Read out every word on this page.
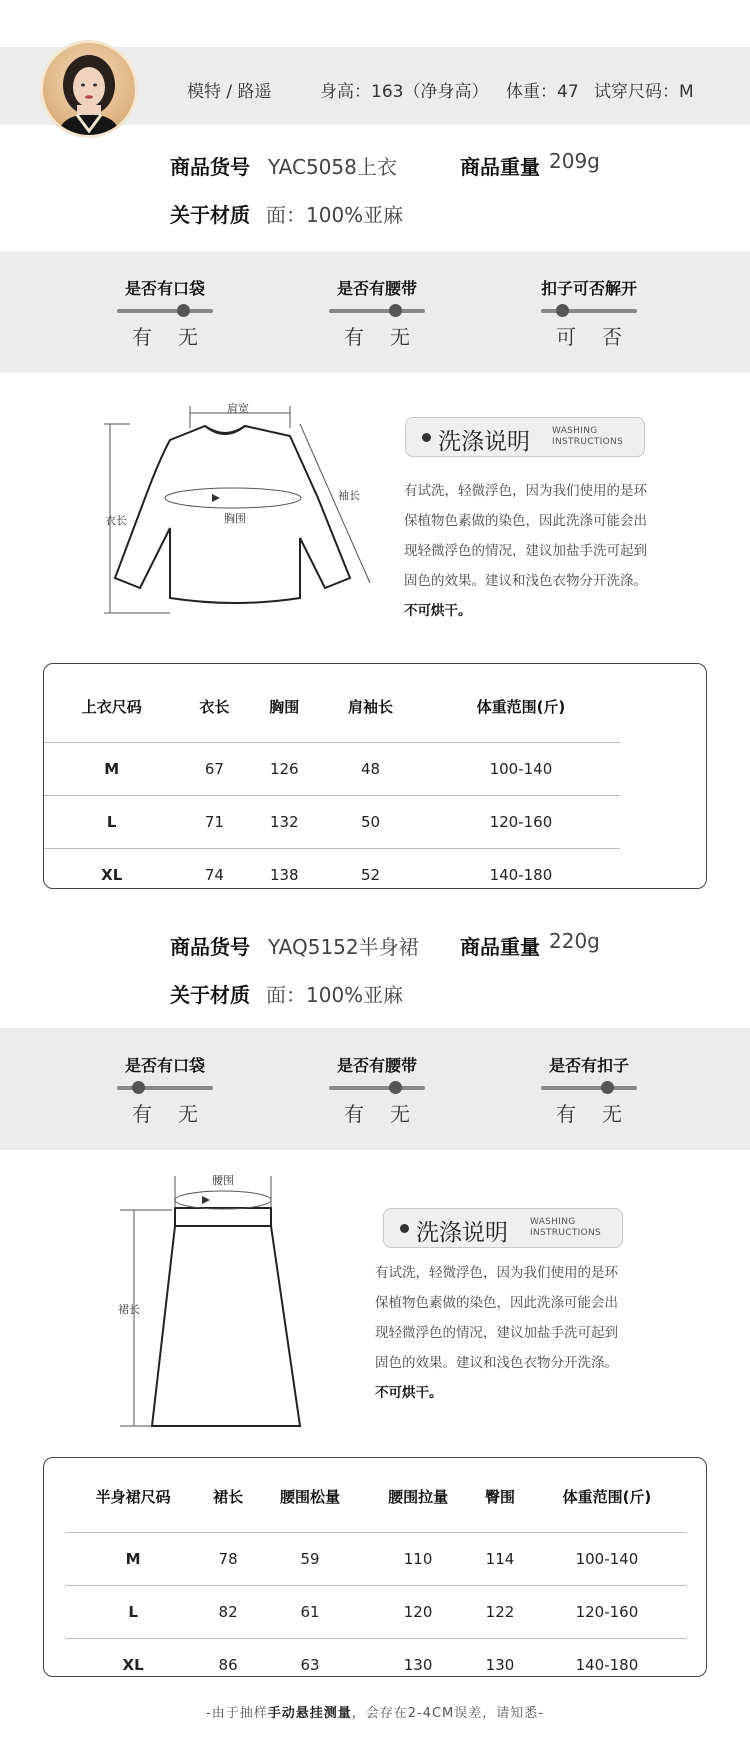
模特 / 路遥	身高：163（净身高） 体重：47 试穿尺码：M
商品货号 YAC5058上衣	商品重量 209g
关于材质 面：100%亚麻
是否有口袋
有 无
是否有腰带
有 无
扣子可否解开
可 否
肩宽
袖长
衣长	胸围
洗涤说明 WASHING
INSTRUCTIONS
有试洗，轻微浮色，因为我们使用的是环保植物色素做的染色，因此洗涤可能会出现轻微浮色的情况，建议加盐手洗可起到固色的效果。建议和浅色衣物分开洗涤。不可烘干。
上衣尺码	衣长	胸围	肩袖长	体重范围(斤)
M	67	126	48	100-140
L	71	132	50	120-160
XL	74	138	52	140-180
商品货号 YAQ5152半身裙 商品重量 220g
关于材质 面：100%亚麻
是否有口袋
有 无
是否有腰带
有 无
是否有扣子
有 无
腰围
裙长
洗涤说明 WASHING
INSTRUCTIONS
有试洗，轻微浮色，因为我们使用的是环保植物色素做的染色，因此洗涤可能会出现轻微浮色的情况，建议加盐手洗可起到固色的效果。建议和浅色衣物分开洗涤。不可烘干。
半身裙尺码	裙长	腰围松量	腰围拉量	臀围	体重范围(斤)
M	78	59	110	114	100-140
L	82	61	120	122	120-160
XL	86	63	130	130	140-180
-由于抽样手动悬挂测量，会存在2-4CM误差，请知悉-
